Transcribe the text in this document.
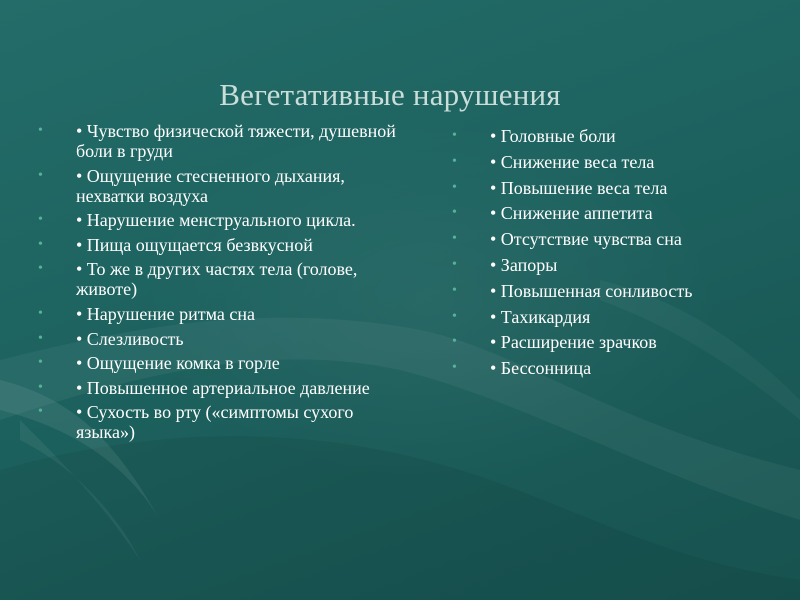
Вегетативные нарушения
• • Чувство физической тяжести, душевной боли в груди
• • Ощущение стесненного дыхания, нехватки воздуха
• • Нарушение менструального цикла.
• • Пища ощущается безвкусной
• • То же в других частях тела (голове, животе)
• • Нарушение ритма сна
• • Слезливость
• • Ощущение комка в горле
• • Повышенное артериальное давление
• • Сухость во рту («симптомы сухого языка»)
• • Головные боли
• • Снижение веса тела
• • Повышение веса тела
• • Снижение аппетита
• • Отсутствие чувства сна
• • Запоры
• • Повышенная сонливость
• • Тахикардия
• • Расширение зрачков
• • Бессонница
